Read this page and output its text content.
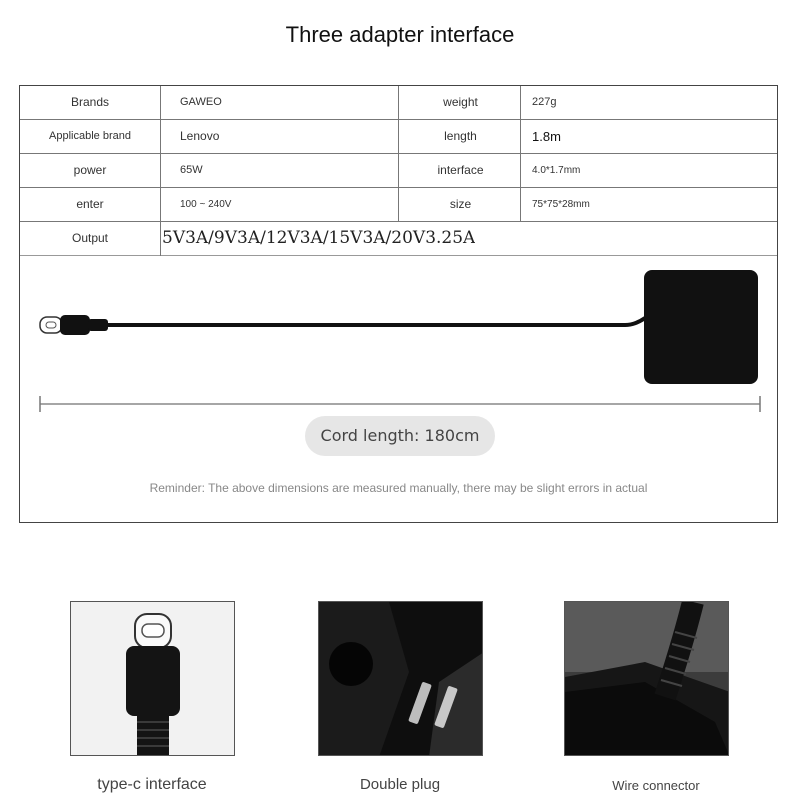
Three adapter interface
Brands	GAWEO	weight	227g
Applicable brand	Lenovo	length	1.8m
power	65W	interface	4.0*1.7mm
enter	100 ~ 240V	size	75*75*28mm
Output	5V3A/9V3A/12V3A/15V3A/20V3.25A
Cord length: 180cm
Reminder: The above dimensions are measured manually, there may be slight errors in actual
type-c interface	Double plug	Wire connector
